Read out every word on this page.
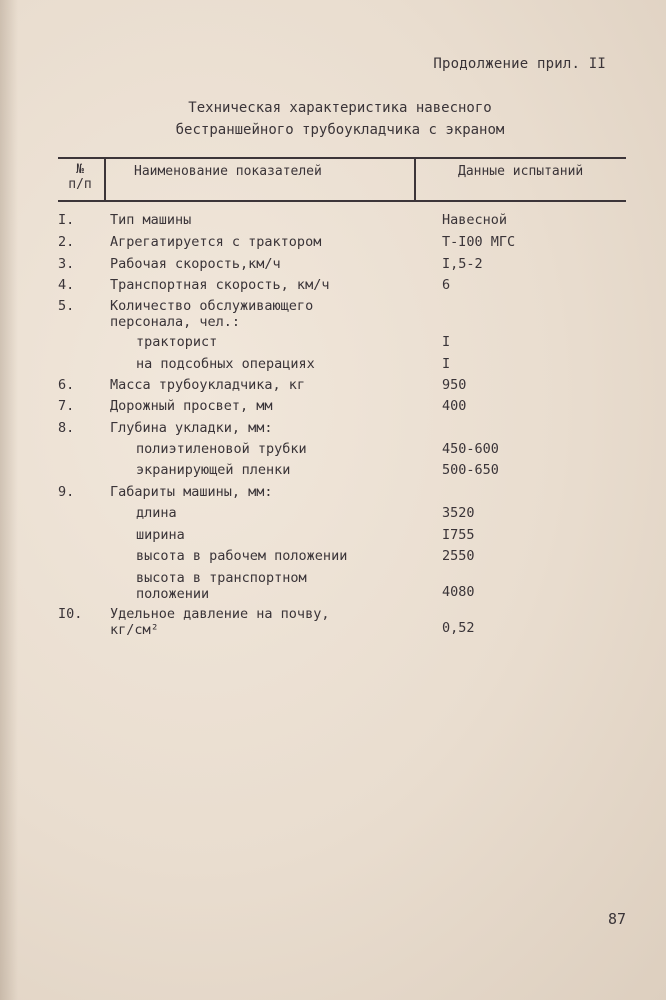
Продолжение прил. II
Техническая характеристика навесного
бестраншейного трубоукладчика с экраном
№
п/п
Наименование показателей	Данные испытаний
I.	Тип машины	Навесной
2.	Агрегатируется с трактором	Т-I00 МГС
3.	Рабочая скорость,км/ч	I,5-2
4.	Транспортная скорость, км/ч	6
5.	Количество обслуживающего
персонала, чел.:
тракторист	I
на подсобных операциях	I
6.	Масса трубоукладчика, кг	950
7.	Дорожный просвет, мм	400
8.	Глубина укладки, мм:
полиэтиленовой трубки	450-600
экранирующей пленки	500-650
9.	Габариты машины, мм:
длина	3520
ширина	I755
высота в рабочем положении	2550
высота в транспортном
положении	4080
I0. Удельное давление на почву,
кг/см²	0,52
87
